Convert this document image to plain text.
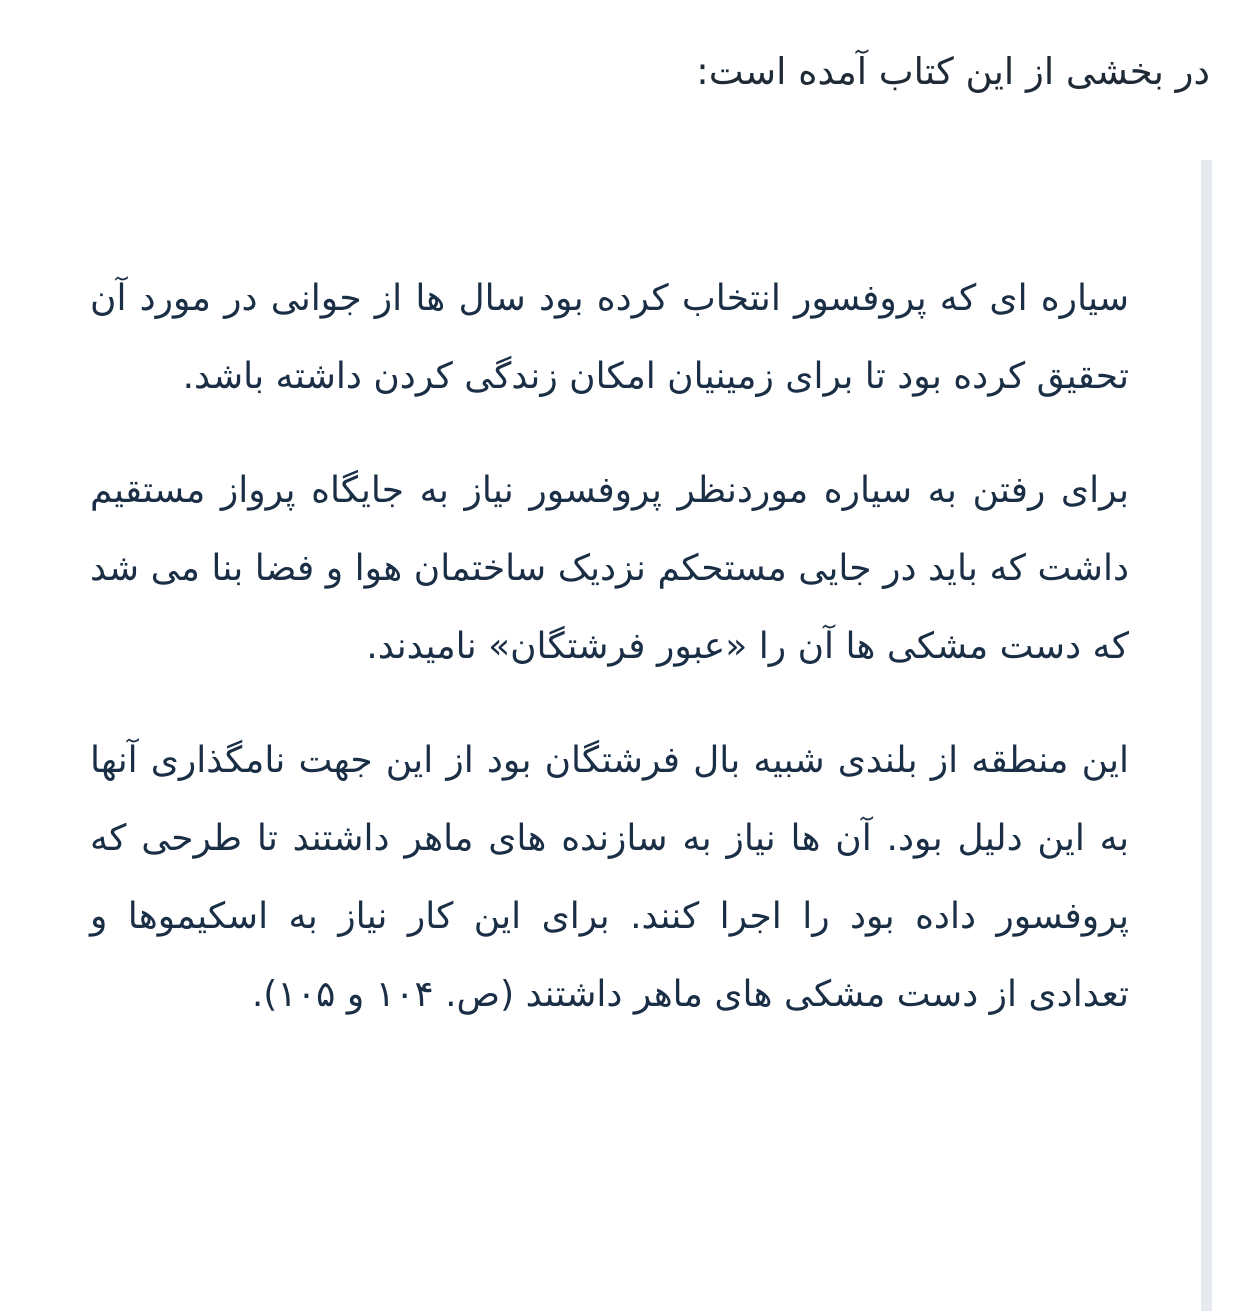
در بخشی از این کتاب آمده است:

سیاره ای که پروفسور انتخاب کرده بود سال ها از جوانی در مورد آن تحقیق کرده بود تا برای زمینیان امکان زندگی کردن داشته باشد.

برای رفتن به سیاره موردنظر پروفسور نیاز به جایگاه پرواز مستقیم داشت که باید در جایی مستحکم نزدیک ساختمان هوا و فضا بنا می شد که دست مشکی ها آن را «عبور فرشتگان» نامیدند.

این منطقه از بلندی شبیه بال فرشتگان بود از این جهت نامگذاری آنها به این دلیل بود. آن ها نیاز به سازنده های ماهر داشتند تا طرحی که پروفسور داده بود را اجرا کنند. برای این کار نیاز به اسکیموها و تعدادی از دست مشکی های ماهر داشتند (ص. ۱۰۴ و ۱۰۵).
